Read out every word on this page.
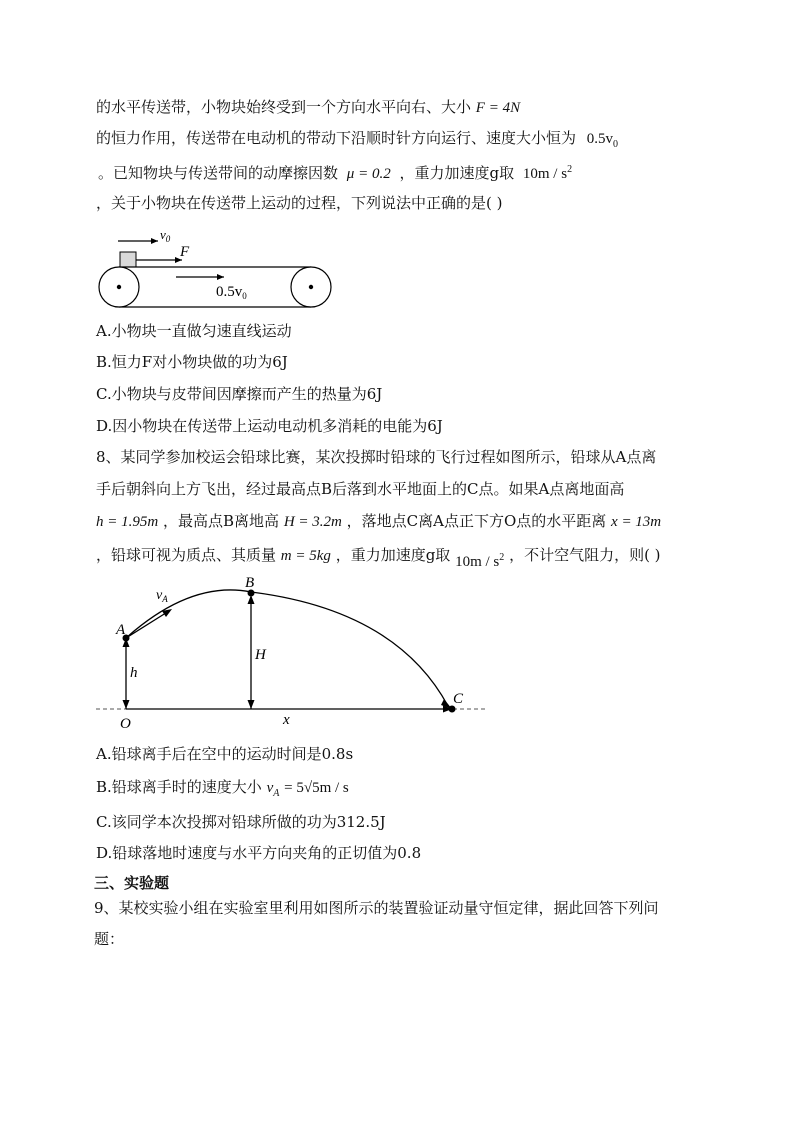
的水平传送带，小物块始终受到一个方向水平向右、大小 F = 4N
的恒力作用，传送带在电动机的带动下沿顺时针方向运行、速度大小恒为 $0.5v_0$
。已知物块与传送带间的动摩擦因数 μ = 0.2 ，重力加速度g取 $10m / s^2$
，关于小物块在传送带上运动的过程，下列说法中正确的是( )
$v_0$
F
$0.5v_0$
A.小物块一直做匀速直线运动
B.恒力F对小物块做的功为6J
C.小物块与皮带间因摩擦而产生的热量为6J
D.因小物块在传送带上运动电动机多消耗的电能为6J
8、某同学参加校运会铅球比赛，某次投掷时铅球的飞行过程如图所示，铅球从A点离
手后朝斜向上方飞出，经过最高点B后落到水平地面上的C点。如果A点离地面高
h = 1.95m ，最高点B离地高 H = 3.2m ，落地点C离A点正下方O点的水平距离 x = 13m
，铅球可视为质点、其质量 m = 5kg ，重力加速度g取 $10m / s^2$ ，不计空气阻力，则( )
A
B
C
O
h
H
x
$v_A$
A.铅球离手后在空中的运动时间是0.8s
B.铅球离手时的速度大小 $v_A = 5√5m / s$
C.该同学本次投掷对铅球所做的功为312.5J
D.铅球落地时速度与水平方向夹角的正切值为0.8
三、实验题
9、某校实验小组在实验室里利用如图所示的装置验证动量守恒定律，据此回答下列问
题：
